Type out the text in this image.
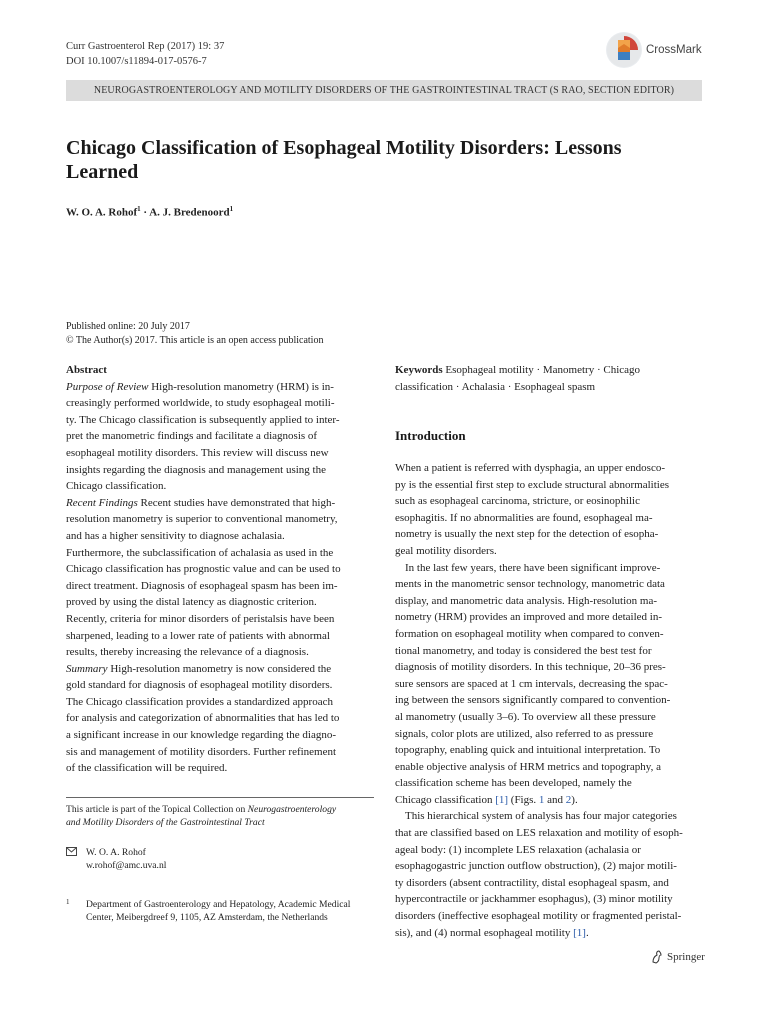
Curr Gastroenterol Rep (2017) 19: 37
DOI 10.1007/s11894-017-0576-7
CrossMark
NEUROGASTROENTEROLOGY AND MOTILITY DISORDERS OF THE GASTROINTESTINAL TRACT (S RAO, SECTION EDITOR)
Chicago Classification of Esophageal Motility Disorders: Lessons
Learned
W. O. A. Rohof$^1$ · A. J. Bredenoord$^1$
Published online: 20 July 2017
© The Author(s) 2017. This article is an open access publication
Abstract
Purpose of Review High-resolution manometry (HRM) is in-
creasingly performed worldwide, to study esophageal motili-
ty. The Chicago classification is subsequently applied to inter-
pret the manometric findings and facilitate a diagnosis of
esophageal motility disorders. This review will discuss new
insights regarding the diagnosis and management using the
Chicago classification.
Recent Findings Recent studies have demonstrated that high-
resolution manometry is superior to conventional manometry,
and has a higher sensitivity to diagnose achalasia.
Furthermore, the subclassification of achalasia as used in the
Chicago classification has prognostic value and can be used to
direct treatment. Diagnosis of esophageal spasm has been im-
proved by using the distal latency as diagnostic criterion.
Recently, criteria for minor disorders of peristalsis have been
sharpened, leading to a lower rate of patients with abnormal
results, thereby increasing the relevance of a diagnosis.
Summary High-resolution manometry is now considered the
gold standard for diagnosis of esophageal motility disorders.
The Chicago classification provides a standardized approach
for analysis and categorization of abnormalities that has led to
a significant increase in our knowledge regarding the diagno-
sis and management of motility disorders. Further refinement
of the classification will be required.
Keywords Esophageal motility · Manometry · Chicago
classification · Achalasia · Esophageal spasm
Introduction
When a patient is referred with dysphagia, an upper endosco-
py is the essential first step to exclude structural abnormalities
such as esophageal carcinoma, stricture, or eosinophilic
esophagitis. If no abnormalities are found, esophageal ma-
nometry is usually the next step for the detection of esopha-
geal motility disorders.
In the last few years, there have been significant improve-
ments in the manometric sensor technology, manometric data
display, and manometric data analysis. High-resolution ma-
nometry (HRM) provides an improved and more detailed in-
formation on esophageal motility when compared to conven-
tional manometry, and today is considered the best test for
diagnosis of motility disorders. In this technique, 20–36 pres-
sure sensors are spaced at 1 cm intervals, decreasing the spac-
ing between the sensors significantly compared to convention-
al manometry (usually 3–6). To overview all these pressure
signals, color plots are utilized, also referred to as pressure
topography, enabling quick and intuitional interpretation. To
enable objective analysis of HRM metrics and topography, a
classification scheme has been developed, namely the
Chicago classification [1] (Figs. 1 and 2).
This hierarchical system of analysis has four major categories
that are classified based on LES relaxation and motility of esoph-
ageal body: (1) incomplete LES relaxation (achalasia or
esophagogastric junction outflow obstruction), (2) major motili-
ty disorders (absent contractility, distal esophageal spasm, and
hypercontractile or jackhammer esophagus), (3) minor motility
disorders (ineffective esophageal motility or fragmented peristal-
sis), and (4) normal esophageal motility [1].
This article is part of the Topical Collection on Neurogastroenterology
and Motility Disorders of the Gastrointestinal Tract
W. O. A. Rohof
w.rohof@amc.uva.nl
1 Department of Gastroenterology and Hepatology, Academic Medical
Center, Meibergdreef 9, 1105, AZ Amsterdam, the Netherlands
Springer
